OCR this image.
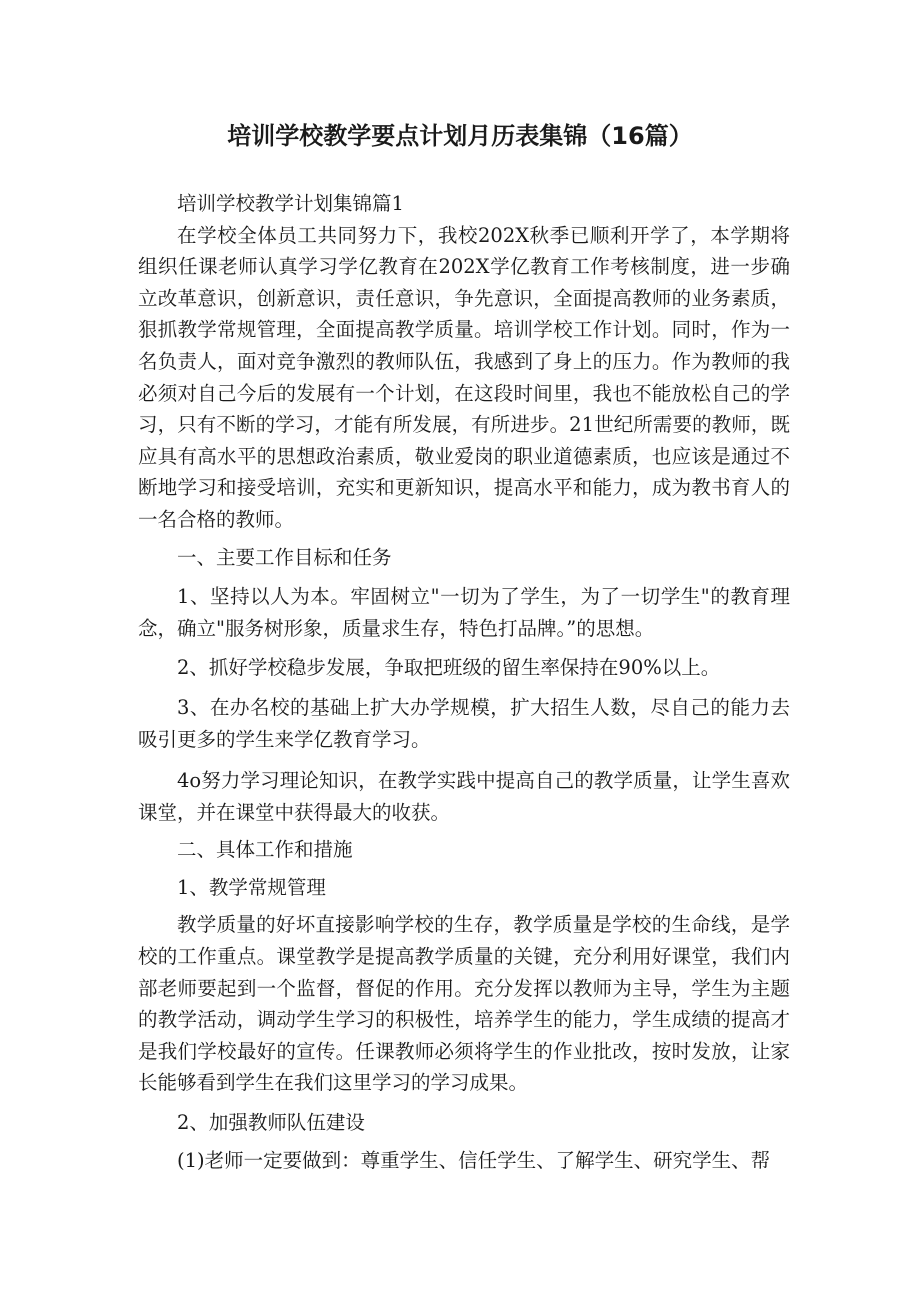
培训学校教学要点计划月历表集锦（16篇）

培训学校教学计划集锦篇1

在学校全体员工共同努力下，我校202X秋季已顺利开学了，本学期将组织任课老师认真学习学亿教育在202X学亿教育工作考核制度，进一步确立改革意识，创新意识，责任意识，争先意识，全面提高教师的业务素质，狠抓教学常规管理，全面提高教学质量。培训学校工作计划。同时，作为一名负责人，面对竞争激烈的教师队伍，我感到了身上的压力。作为教师的我必须对自己今后的发展有一个计划，在这段时间里，我也不能放松自己的学习，只有不断的学习，才能有所发展，有所进步。21世纪所需要的教师，既应具有高水平的思想政治素质，敬业爱岗的职业道德素质，也应该是通过不断地学习和接受培训，充实和更新知识，提高水平和能力，成为教书育人的一名合格的教师。

一、主要工作目标和任务

1、坚持以人为本。牢固树立"一切为了学生，为了一切学生"的教育理念，确立"服务树形象，质量求生存，特色打品牌。”的思想。

2、抓好学校稳步发展，争取把班级的留生率保持在90%以上。

3、在办名校的基础上扩大办学规模，扩大招生人数，尽自己的能力去吸引更多的学生来学亿教育学习。

4o努力学习理论知识，在教学实践中提高自己的教学质量，让学生喜欢课堂，并在课堂中获得最大的收获。

二、具体工作和措施

1、教学常规管理

教学质量的好坏直接影响学校的生存，教学质量是学校的生命线，是学校的工作重点。课堂教学是提高教学质量的关键，充分利用好课堂，我们内部老师要起到一个监督，督促的作用。充分发挥以教师为主导，学生为主题的教学活动，调动学生学习的积极性，培养学生的能力，学生成绩的提高才是我们学校最好的宣传。任课教师必须将学生的作业批改，按时发放，让家长能够看到学生在我们这里学习的学习成果。

2、加强教师队伍建设

(1)老师一定要做到：尊重学生、信任学生、了解学生、研究学生、帮
